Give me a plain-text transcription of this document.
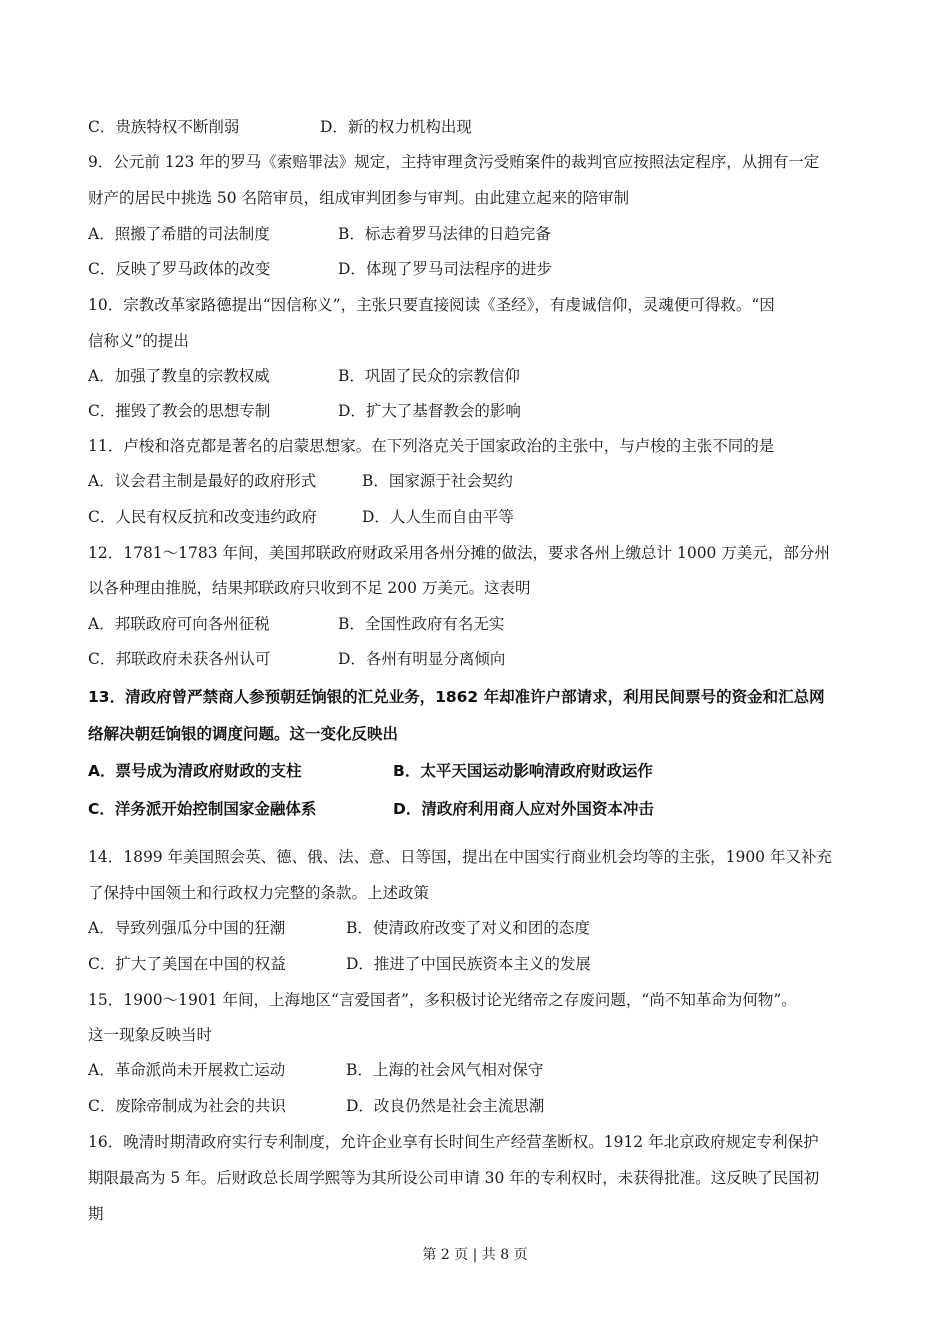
C．贵族特权不断削弱	D．新的权力机构出现
9．公元前 123 年的罗马《索赔罪法》规定，主持审理贪污受贿案件的裁判官应按照法定程序，从拥有一定
财产的居民中挑选 50 名陪审员，组成审判团参与审判。由此建立起来的陪审制
A．照搬了希腊的司法制度	B．标志着罗马法律的日趋完备
C．反映了罗马政体的改变	D．体现了罗马司法程序的进步
10．宗教改革家路德提出“因信称义”，主张只要直接阅读《圣经》，有虔诚信仰，灵魂便可得救。“因
信称义”的提出
A．加强了教皇的宗教权威	B．巩固了民众的宗教信仰
C．摧毁了教会的思想专制	D．扩大了基督教会的影响
11．卢梭和洛克都是著名的启蒙思想家。在下列洛克关于国家政治的主张中，与卢梭的主张不同的是
A．议会君主制是最好的政府形式	B．国家源于社会契约
C．人民有权反抗和改变违约政府	D．人人生而自由平等
12．1781～1783 年间，美国邦联政府财政采用各州分摊的做法，要求各州上缴总计 1000 万美元，部分州
以各种理由推脱，结果邦联政府只收到不足 200 万美元。这表明
A．邦联政府可向各州征税	B．全国性政府有名无实
C．邦联政府未获各州认可	D．各州有明显分离倾向
13．清政府曾严禁商人参预朝廷饷银的汇兑业务，1862 年却准许户部请求，利用民间票号的资金和汇总网
络解决朝廷饷银的调度问题。这一变化反映出
A．票号成为清政府财政的支柱	B．太平天国运动影响清政府财政运作
C．洋务派开始控制国家金融体系	D．清政府利用商人应对外国资本冲击
14．1899 年美国照会英、德、俄、法、意、日等国，提出在中国实行商业机会均等的主张，1900 年又补充
了保持中国领土和行政权力完整的条款。上述政策
A．导致列强瓜分中国的狂潮	B．使清政府改变了对义和团的态度
C．扩大了美国在中国的权益	D．推进了中国民族资本主义的发展
15．1900～1901 年间，上海地区“言爱国者”，多积极讨论光绪帝之存废问题，“尚不知革命为何物”。
这一现象反映当时
A．革命派尚未开展救亡运动	B．上海的社会风气相对保守
C．废除帝制成为社会的共识	D．改良仍然是社会主流思潮
16．晚清时期清政府实行专利制度，允许企业享有长时间生产经营垄断权。1912 年北京政府规定专利保护
期限最高为 5 年。后财政总长周学熙等为其所设公司申请 30 年的专利权时，未获得批准。这反映了民国初
期
第 2 页 | 共 8 页
